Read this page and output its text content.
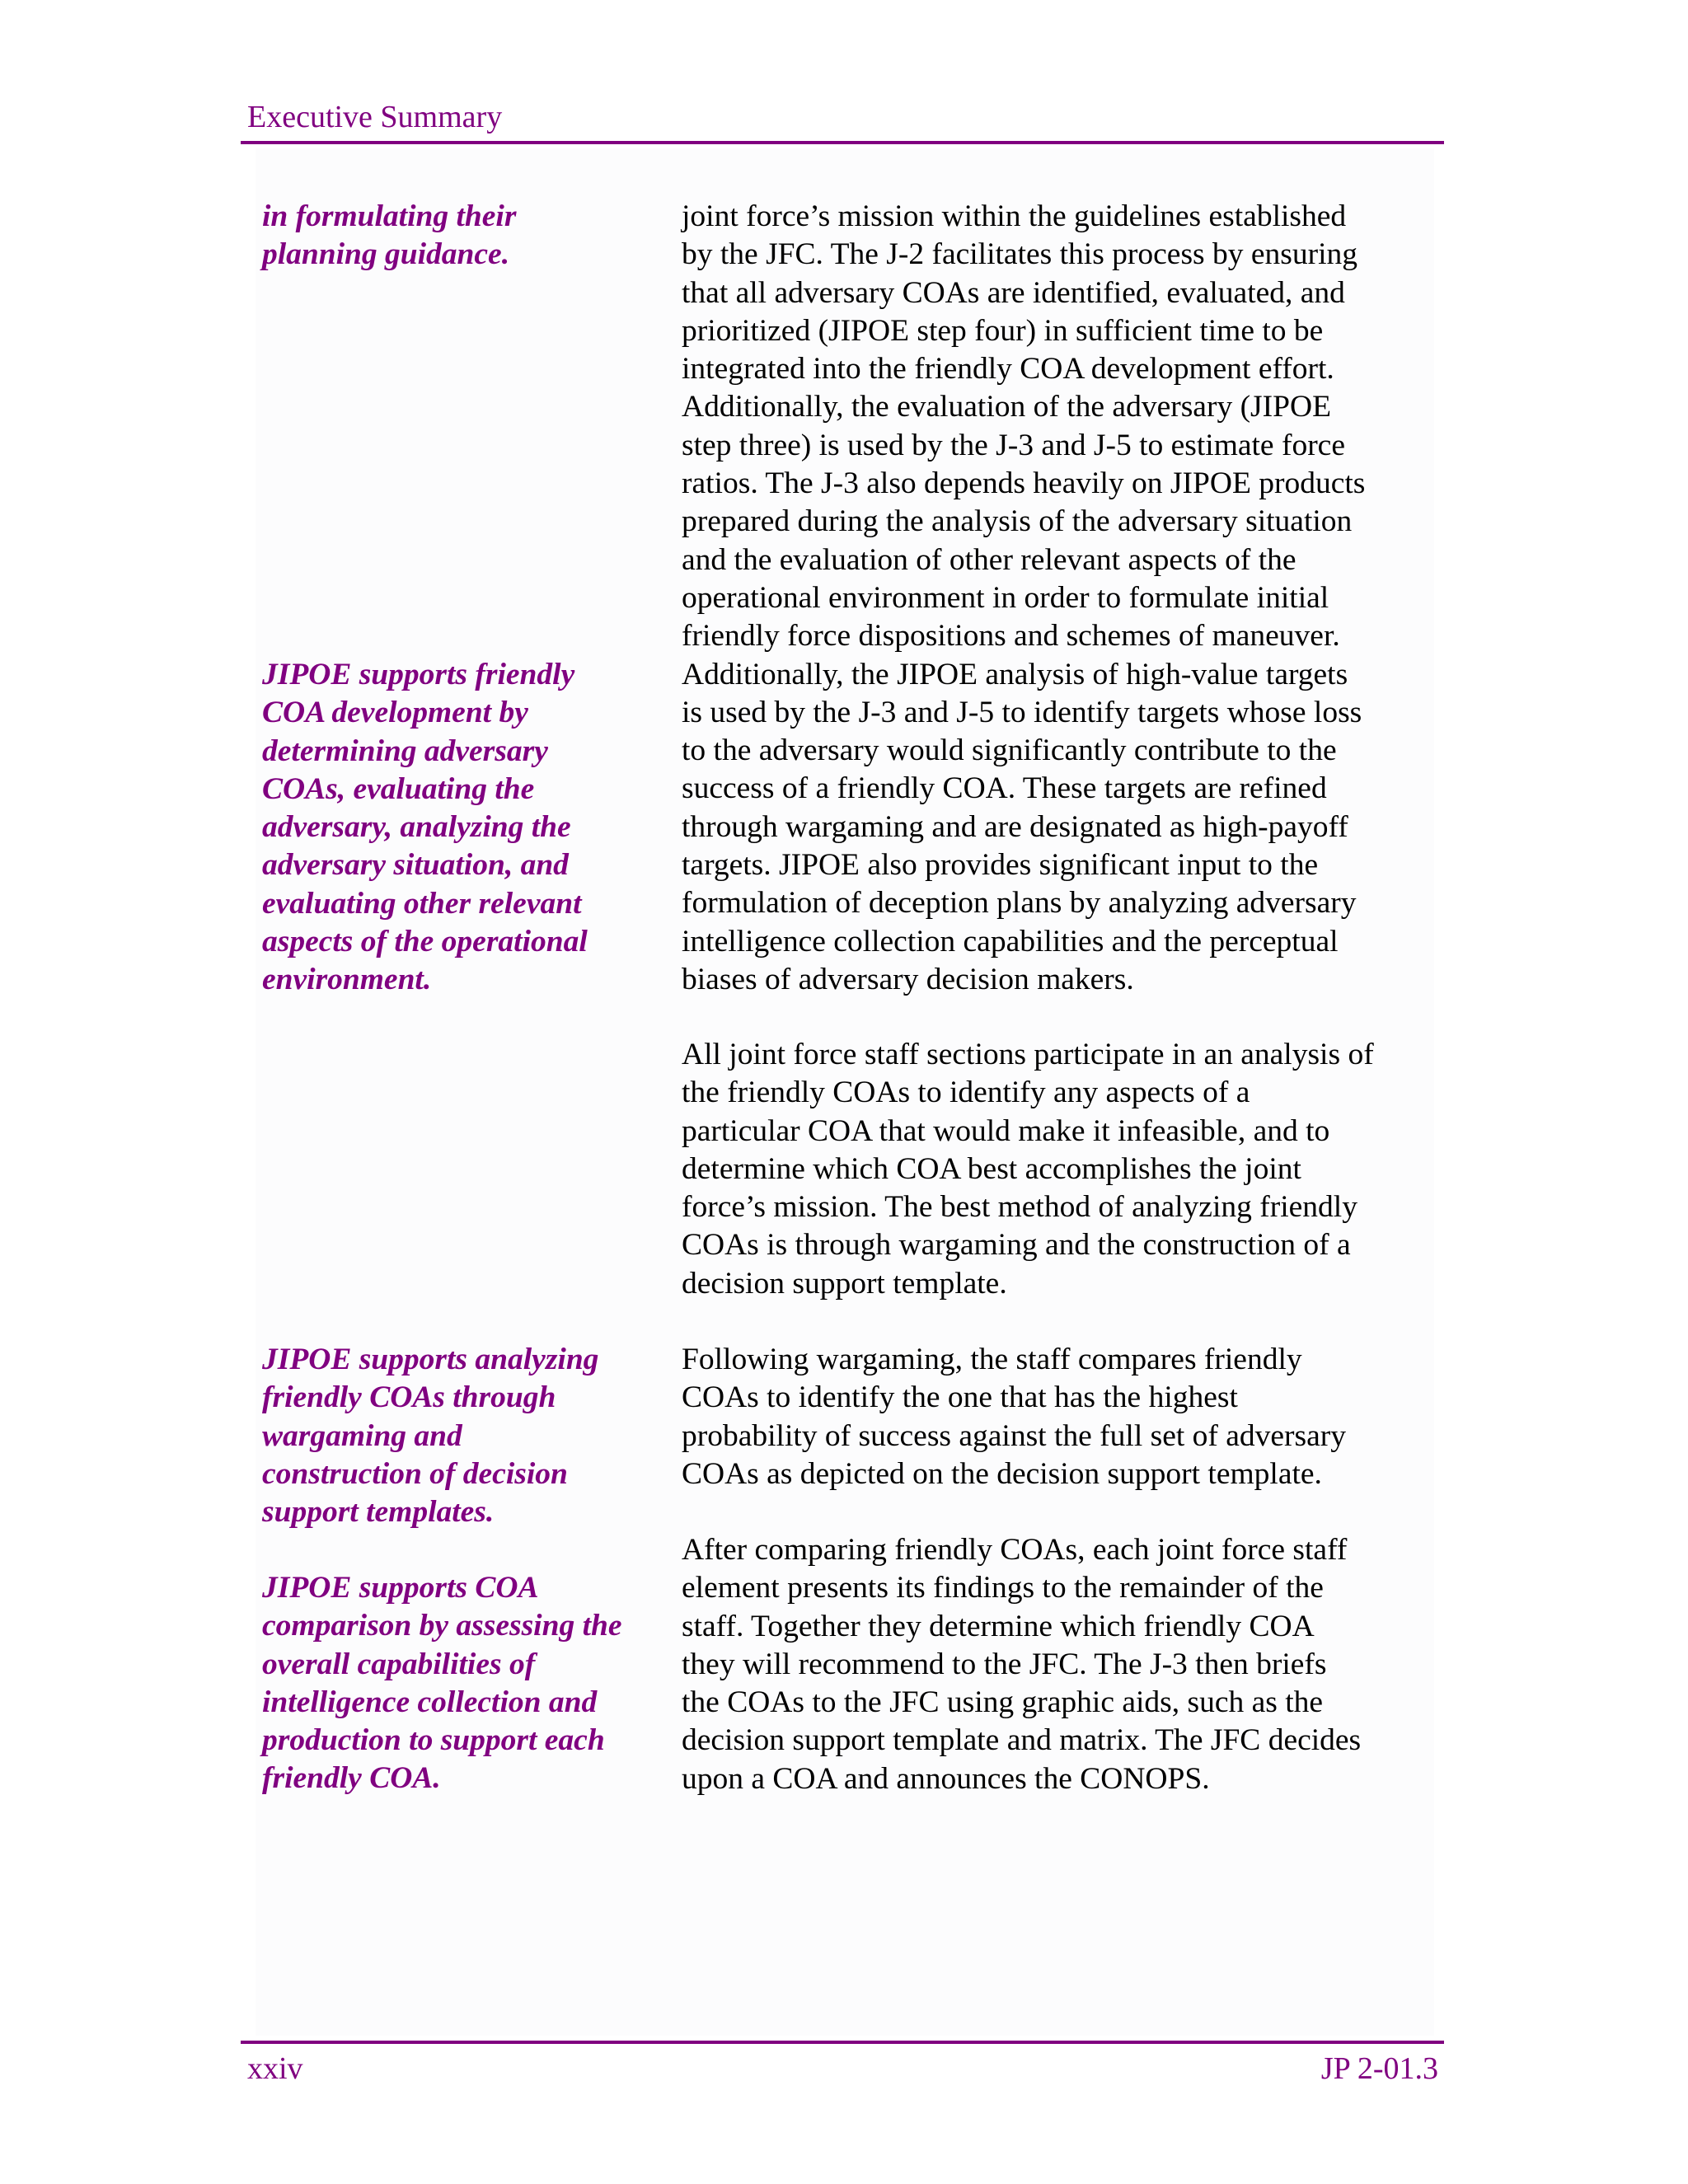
Executive Summary
in formulating their
planning guidance.
JIPOE supports friendly
COA development by
determining adversary
COAs, evaluating the
adversary, analyzing the
adversary situation, and
evaluating other relevant
aspects of the operational
environment.
JIPOE supports analyzing
friendly COAs through
wargaming and
construction of decision
support templates.
JIPOE supports COA
comparison by assessing the
overall capabilities of
intelligence collection and
production to support each
friendly COA.
joint force’s mission within the guidelines established
by the JFC. The J-2 facilitates this process by ensuring
that all adversary COAs are identified, evaluated, and
prioritized (JIPOE step four) in sufficient time to be
integrated into the friendly COA development effort.
Additionally, the evaluation of the adversary (JIPOE
step three) is used by the J-3 and J-5 to estimate force
ratios. The J-3 also depends heavily on JIPOE products
prepared during the analysis of the adversary situation
and the evaluation of other relevant aspects of the
operational environment in order to formulate initial
friendly force dispositions and schemes of maneuver.
Additionally, the JIPOE analysis of high-value targets
is used by the J-3 and J-5 to identify targets whose loss
to the adversary would significantly contribute to the
success of a friendly COA. These targets are refined
through wargaming and are designated as high-payoff
targets. JIPOE also provides significant input to the
formulation of deception plans by analyzing adversary
intelligence collection capabilities and the perceptual
biases of adversary decision makers.
All joint force staff sections participate in an analysis of
the friendly COAs to identify any aspects of a
particular COA that would make it infeasible, and to
determine which COA best accomplishes the joint
force’s mission. The best method of analyzing friendly
COAs is through wargaming and the construction of a
decision support template.
Following wargaming, the staff compares friendly
COAs to identify the one that has the highest
probability of success against the full set of adversary
COAs as depicted on the decision support template.
After comparing friendly COAs, each joint force staff
element presents its findings to the remainder of the
staff. Together they determine which friendly COA
they will recommend to the JFC. The J-3 then briefs
the COAs to the JFC using graphic aids, such as the
decision support template and matrix. The JFC decides
upon a COA and announces the CONOPS.
xxiv	JP 2-01.3
